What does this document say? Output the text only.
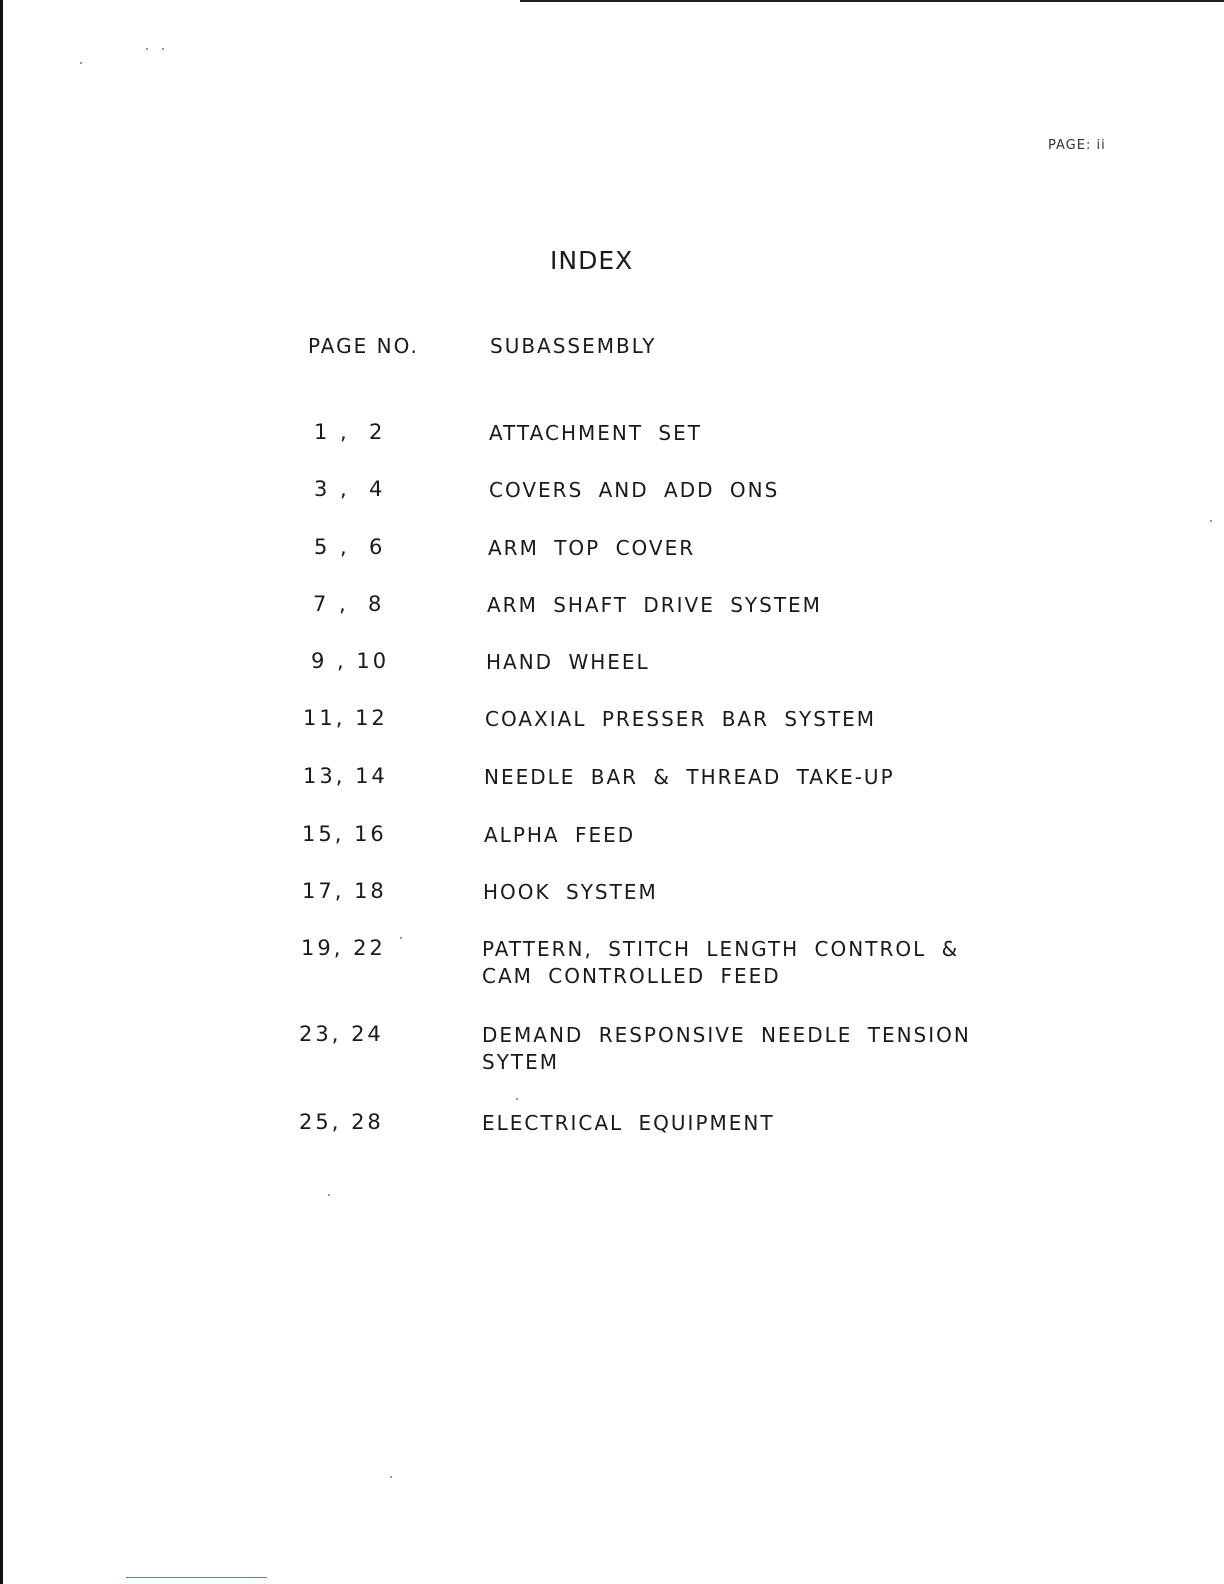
PAGE: ii
INDEX
PAGE NO.	SUBASSEMBLY
1 ,  2	ATTACHMENT SET
3 ,  4	COVERS AND ADD ONS
5 ,  6	ARM TOP COVER
7 ,  8	ARM SHAFT DRIVE SYSTEM
9 , 10	HAND WHEEL
11, 12	COAXIAL PRESSER BAR SYSTEM
13, 14	NEEDLE BAR & THREAD TAKE-UP
15, 16	ALPHA FEED
17, 18	HOOK SYSTEM
19, 22	PATTERN, STITCH LENGTH CONTROL & CAM CONTROLLED FEED
23, 24	DEMAND RESPONSIVE NEEDLE TENSION SYTEM
25, 28	ELECTRICAL EQUIPMENT
